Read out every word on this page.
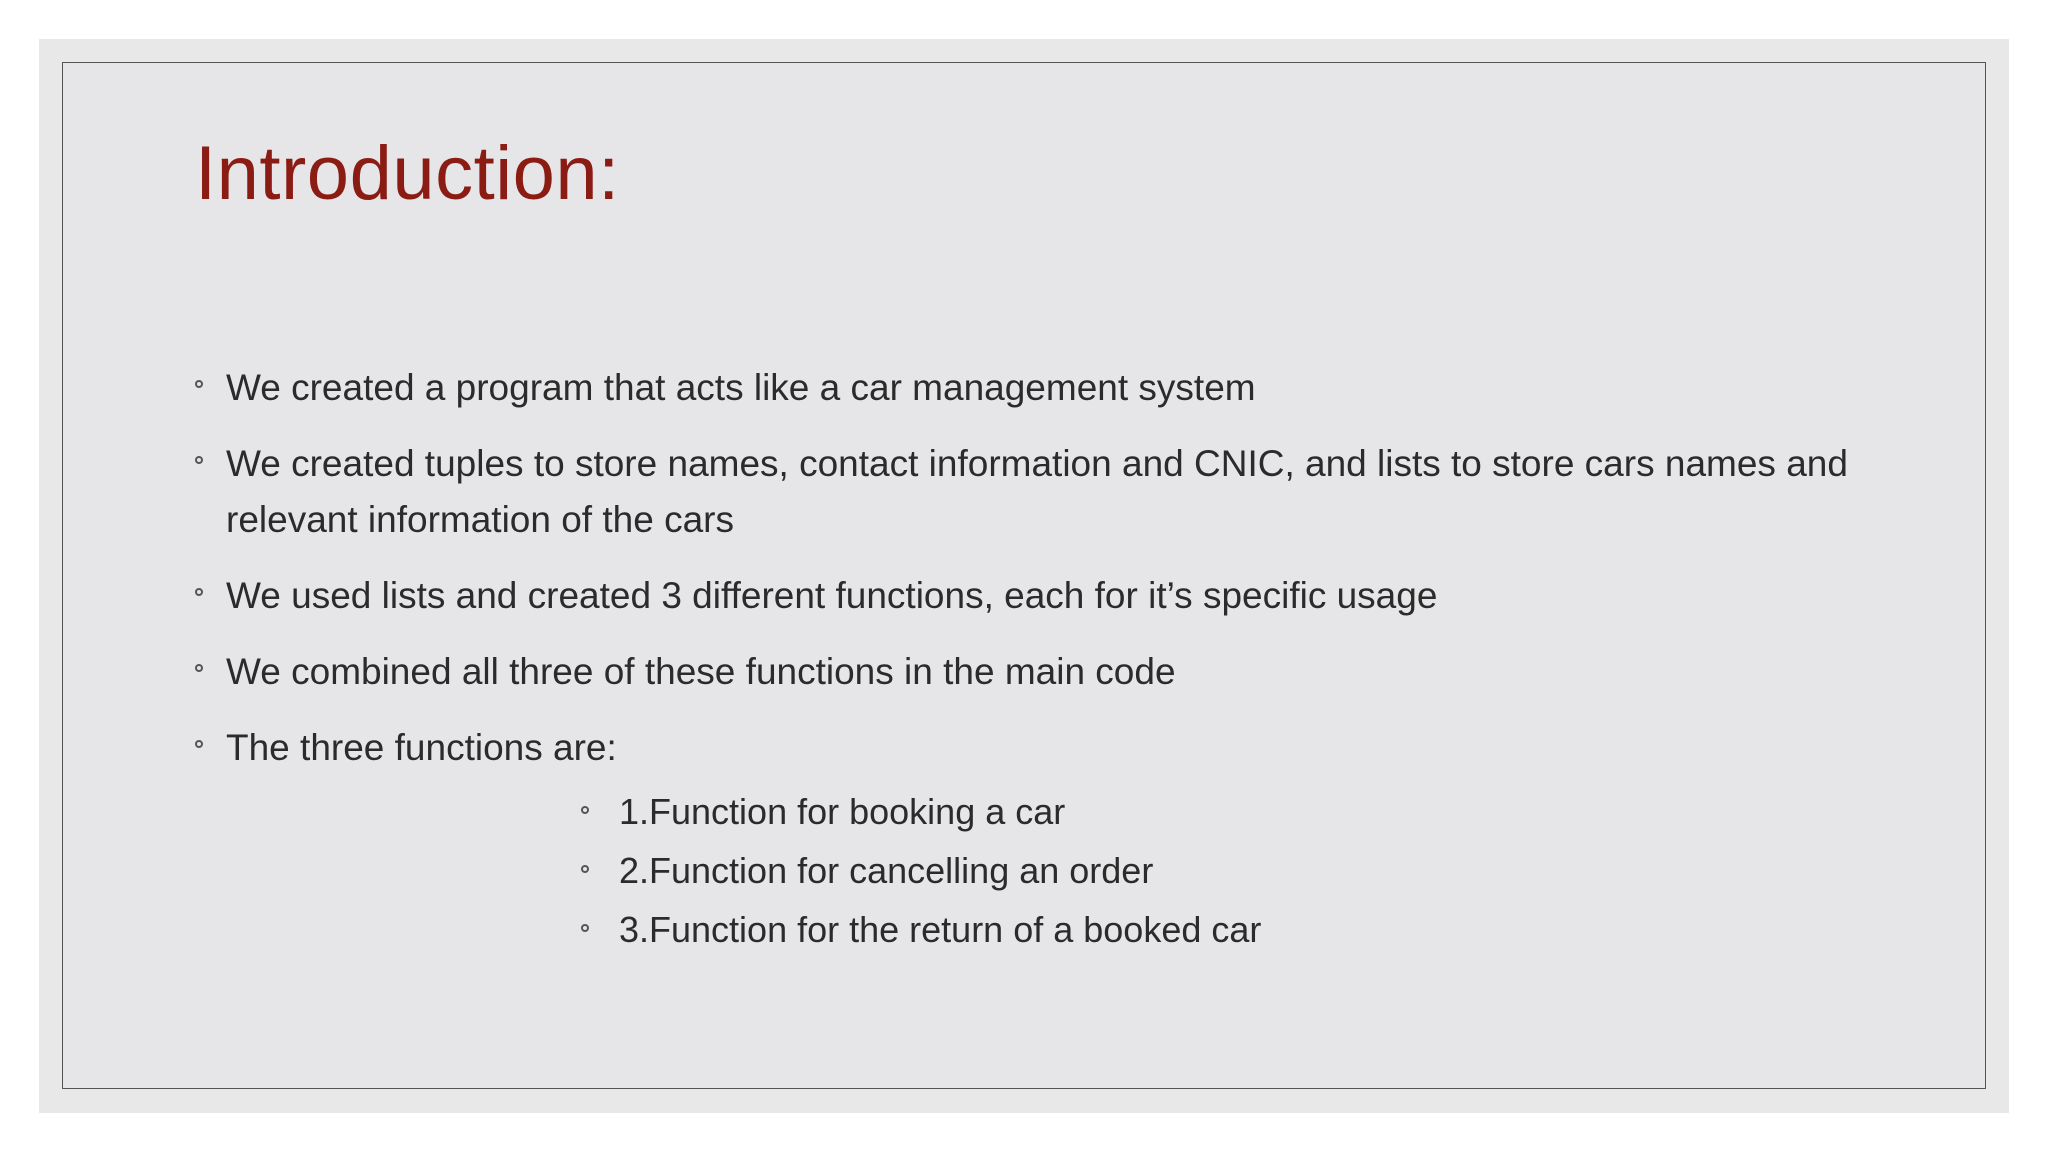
Introduction:
We created a program that acts like a car management system
We created tuples to store names, contact information and CNIC, and lists to store cars names and relevant information of the cars
We used lists and created 3 different functions, each for it’s specific usage
We combined all three of these functions in the main code
The three functions are:
1.Function for booking a car
2.Function for cancelling an order
3.Function for the return of a booked car
